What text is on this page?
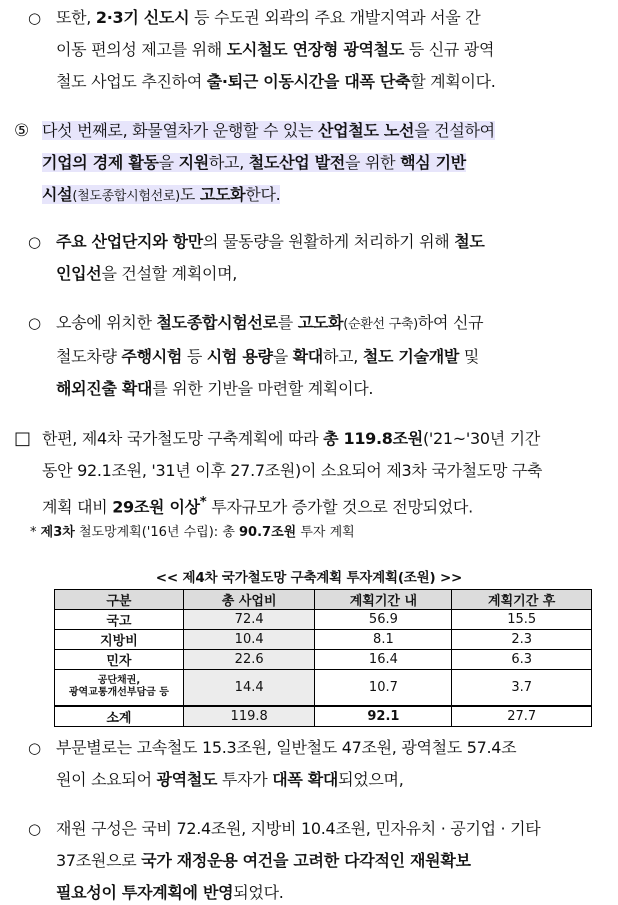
○ 또한, 2·3기 신도시 등 수도권 외곽의 주요 개발지역과 서울 간
이동 편의성 제고를 위해 도시철도 연장형 광역철도 등 신규 광역
철도 사업도 추진하여 출·퇴근 이동시간을 대폭 단축할 계획이다.
⑤ 다섯 번째로, 화물열차가 운행할 수 있는 산업철도 노선을 건설하여
기업의 경제 활동을 지원하고, 철도산업 발전을 위한 핵심 기반
시설(철도종합시험선로)도 고도화한다.
○ 주요 산업단지와 항만의 물동량을 원활하게 처리하기 위해 철도
인입선을 건설할 계획이며,
○ 오송에 위치한 철도종합시험선로를 고도화(순환선 구축)하여 신규
철도차량 주행시험 등 시험 용량을 확대하고, 철도 기술개발 및
해외진출 확대를 위한 기반을 마련할 계획이다.
□ 한편, 제4차 국가철도망 구축계획에 따라 총 119.8조원('21~'30년 기간
동안 92.1조원, '31년 이후 27.7조원)이 소요되어 제3차 국가철도망 구축
계획 대비 29조원 이상* 투자규모가 증가할 것으로 전망되었다.
* 제3차 철도망계획('16년 수립): 총 90.7조원 투자 계획
<< 제4차 국가철도망 구축계획 투자계획(조원) >>
구분	총 사업비	계획기간 내	계획기간 후
국고	72.4	56.9	15.5
지방비	10.4	8.1	2.3
민자	22.6	16.4	6.3

공단채권,
광역교통개선부담금 등	14.4	10.7	3.7
소계	119.8	92.1	27.7
○ 부문별로는 고속철도 15.3조원, 일반철도 47조원, 광역철도 57.4조
원이 소요되어 광역철도 투자가 대폭 확대되었으며,
○ 재원 구성은 국비 72.4조원, 지방비 10.4조원, 민자유치 · 공기업 · 기타
37조원으로 국가 재정운용 여건을 고려한 다각적인 재원확보
필요성이 투자계획에 반영되었다.
